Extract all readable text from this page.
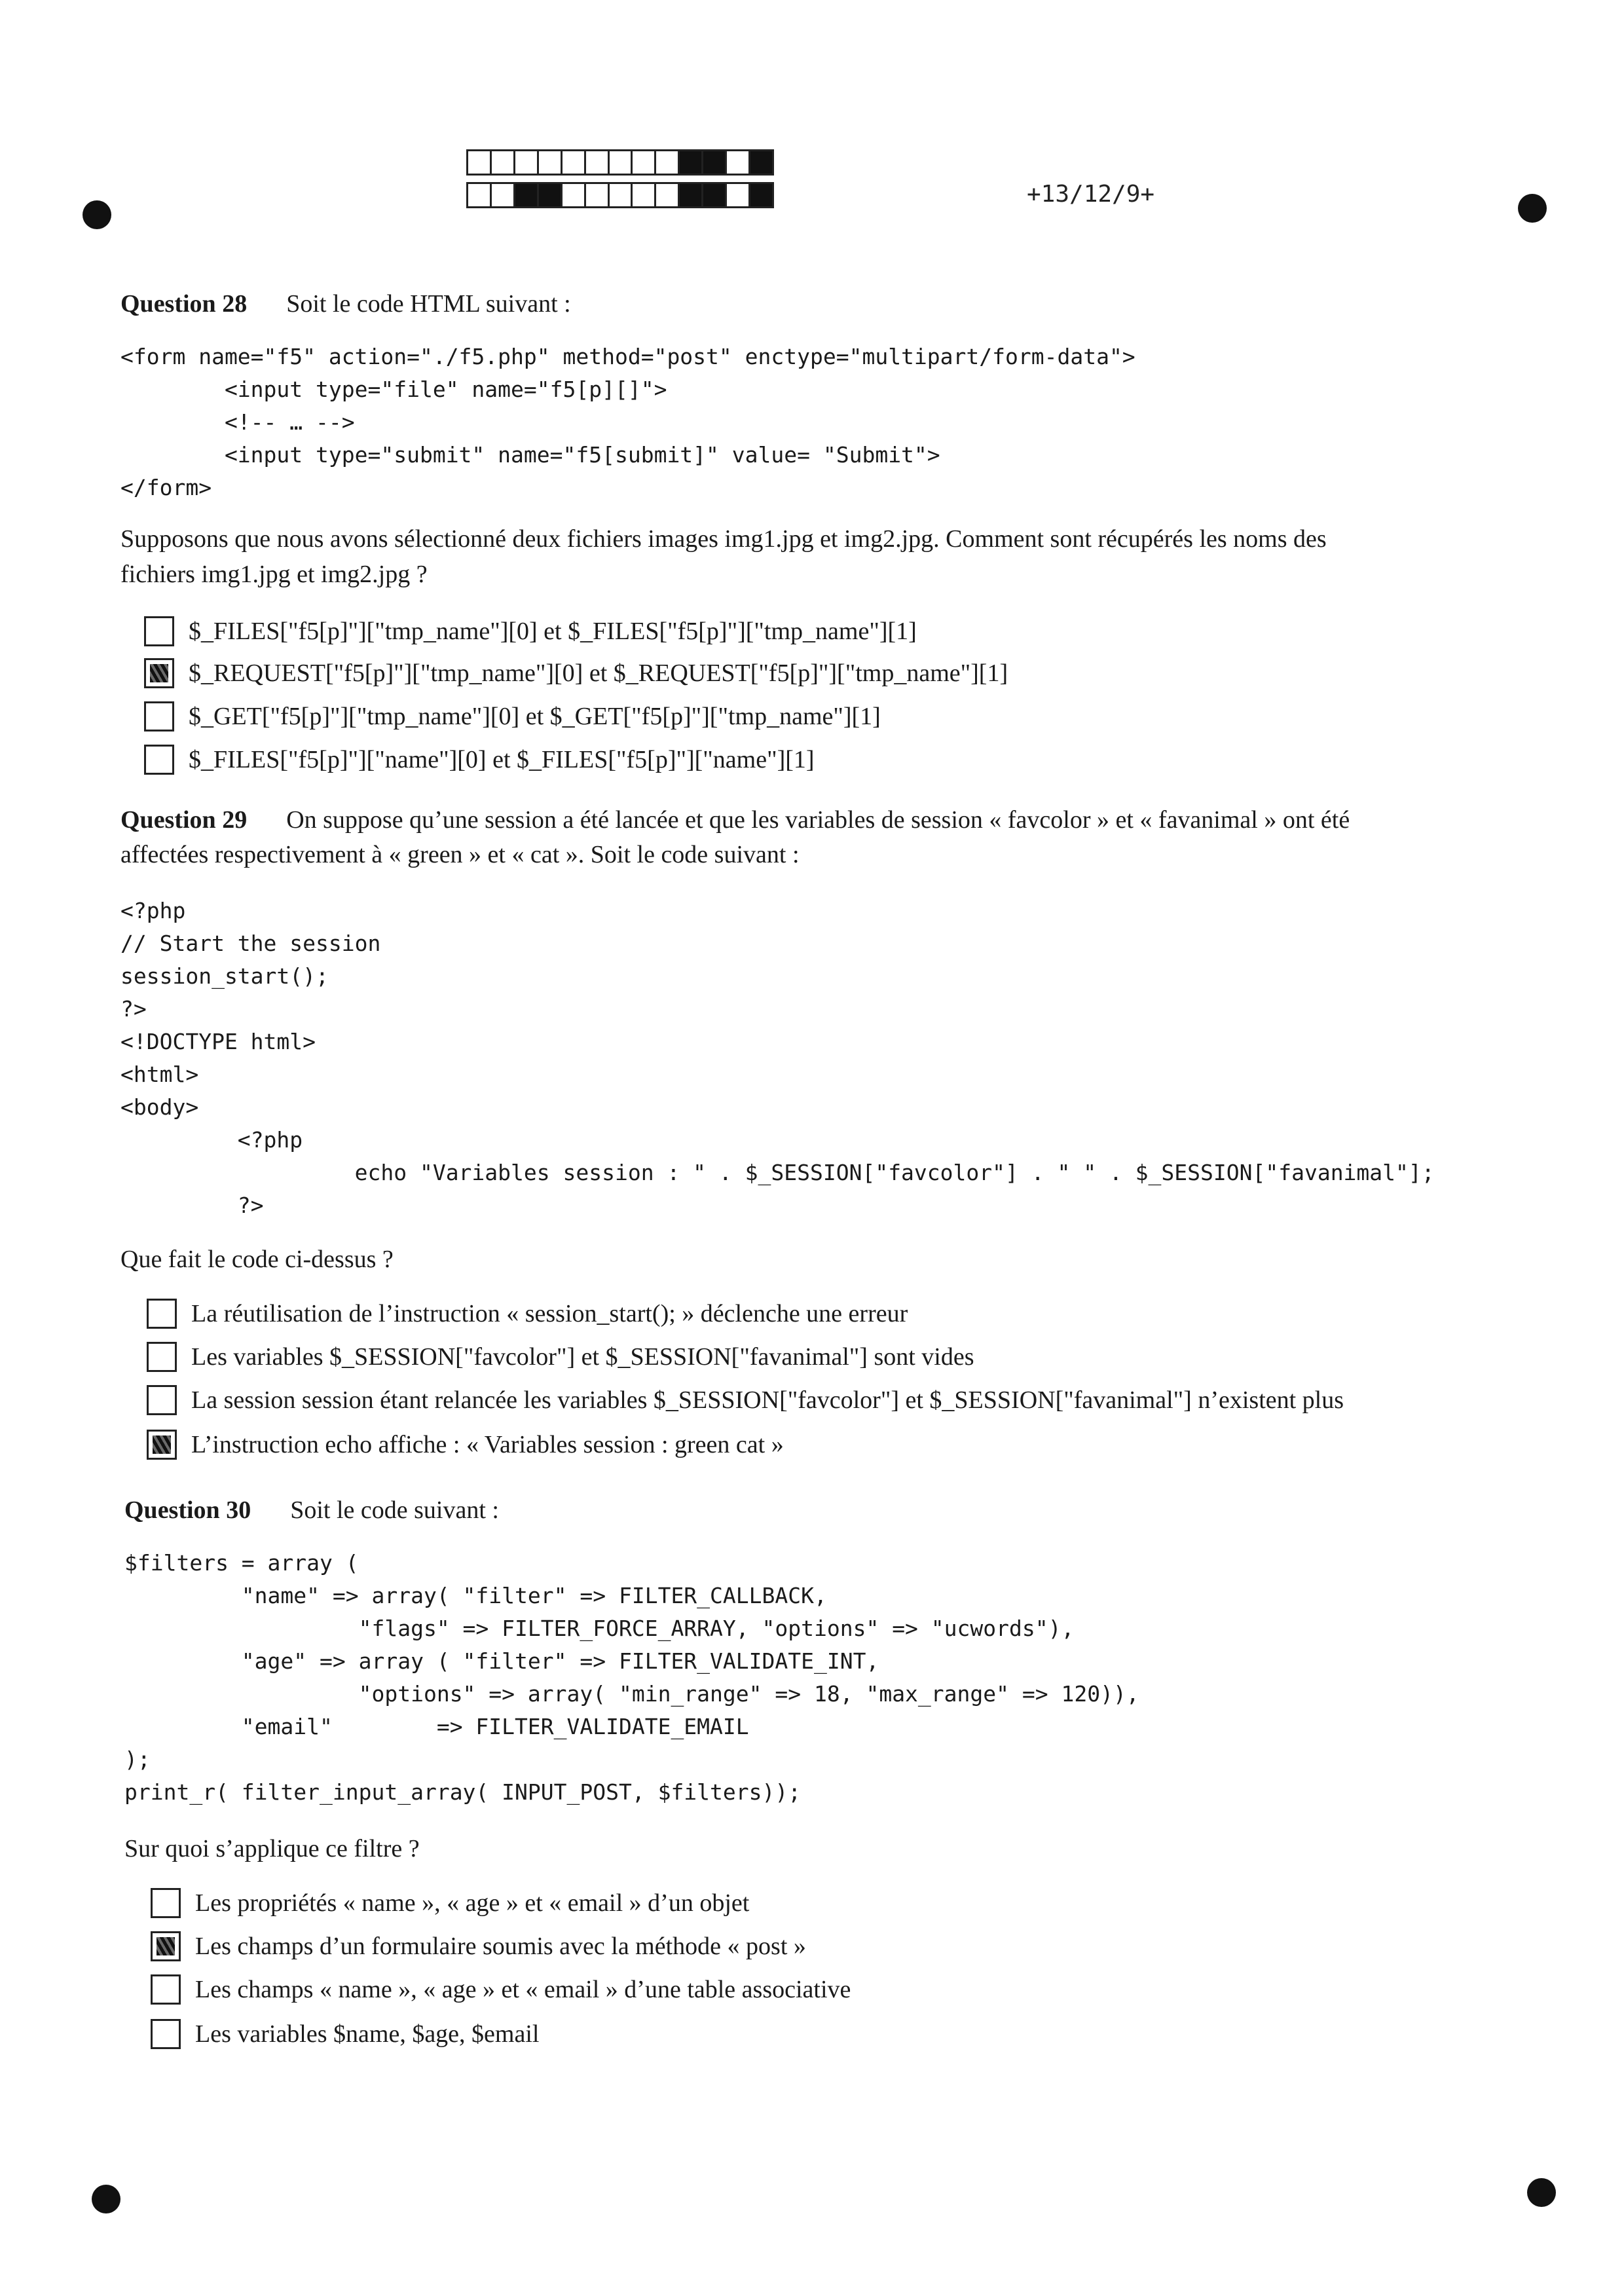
+13/12/9+
Question 28 Soit le code HTML suivant :
<form name="f5" action="./f5.php" method="post" enctype="multipart/form-data">
<input type="file" name="f5[p][]">
<!-- … -->
<input type="submit" name="f5[submit]" value= "Submit">
</form>
Supposons que nous avons sélectionné deux fichiers images img1.jpg et img2.jpg. Comment sont récupérés les noms des
fichiers img1.jpg et img2.jpg ?
$_FILES["f5[p]"]["tmp_name"][0] et $_FILES["f5[p]"]["tmp_name"][1]
$_REQUEST["f5[p]"]["tmp_name"][0] et $_REQUEST["f5[p]"]["tmp_name"][1]
$_GET["f5[p]"]["tmp_name"][0] et $_GET["f5[p]"]["tmp_name"][1]
$_FILES["f5[p]"]["name"][0] et $_FILES["f5[p]"]["name"][1]
Question 29 On suppose qu’une session a été lancée et que les variables de session « favcolor » et « favanimal » ont été
affectées respectivement à « green » et « cat ». Soit le code suivant :
<?php
// Start the session
session_start();
?>
<!DOCTYPE html>
<html>
<body>
<?php
echo "Variables session : " . $_SESSION["favcolor"] . " " . $_SESSION["favanimal"];
?>
Que fait le code ci-dessus ?
La réutilisation de l’instruction « session_start(); » déclenche une erreur
Les variables $_SESSION["favcolor"] et $_SESSION["favanimal"] sont vides
La session session étant relancée les variables $_SESSION["favcolor"] et $_SESSION["favanimal"] n’existent plus
L’instruction echo affiche : « Variables session : green cat »
Question 30 Soit le code suivant :
$filters = array (
"name" => array( "filter" => FILTER_CALLBACK,
"flags" => FILTER_FORCE_ARRAY, "options" => "ucwords"),
"age" => array ( "filter" => FILTER_VALIDATE_INT,
"options" => array( "min_range" => 18, "max_range" => 120)),
"email"        => FILTER_VALIDATE_EMAIL
);
print_r( filter_input_array( INPUT_POST, $filters));
Sur quoi s’applique ce filtre ?
Les propriétés « name », « age » et « email » d’un objet
Les champs d’un formulaire soumis avec la méthode « post »
Les champs « name », « age » et « email » d’une table associative
Les variables $name, $age, $email
